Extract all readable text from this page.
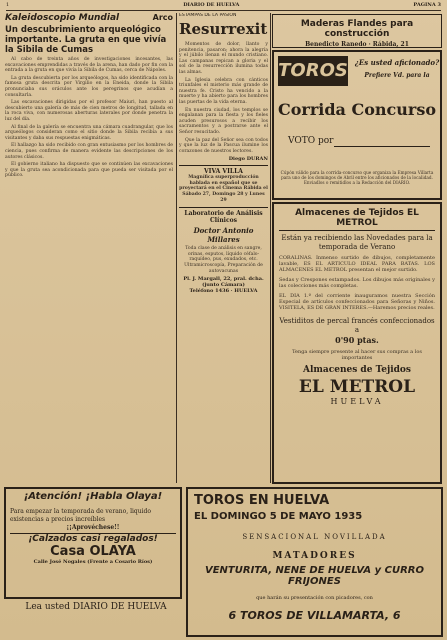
1	DIARIO DE HUELVA	PAGINA 3
Kaleidoscopio Mundial	Arco
Un descubrimiento arqueológico importante. La gruta en que vivía la Sibila de Cumas

Al cabo de treinta años de investigaciones incesantes, las excavaciones emprendidas a través de la arena, han dado por fin con la entrada a la gruta en que vivía la Sibila de Cumas, cerca de Nápoles.

La gruta descubierta por los arqueólogos, ha sido identificada con la famosa gruta descrita por Virgilio en la Eneida, donde la Sibila pronunciaba sus oráculos ante los peregrinos que acudían a consultarla.

Las excavaciones dirigidas por el profesor Maiuri, han puesto al descubierto una galería de más de cien metros de longitud, tallada en la roca viva, con numerosas aberturas laterales por donde penetra la luz del día.

Al final de la galería se encuentra una cámara cuadrangular, que los arqueólogos consideran como el sitio donde la Sibila recibía a sus visitantes y daba sus respuestas enigmáticas.

El hallazgo ha sido recibido con gran entusiasmo por los hombres de ciencia, pues confirma de manera evidente las descripciones de los autores clásicos.

El gobierno italiano ha dispuesto que se continúen las excavaciones y que la gruta sea acondicionada para que pueda ser visitada por el público.

ESTAMPAS DE LA PASION
Resurrexit

Momentos de dolor, llanto y penitencia, pasaron; ahora la alegría y el júbilo llenan el mundo cristiano. Las campanas repican a gloria y el sol de la resurrección ilumina todas las almas.

La Iglesia celebra con cánticos triunfales el misterio más grande de nuestra fe. Cristo ha vencido a la muerte y ha abierto para los hombres las puertas de la vida eterna.

En nuestra ciudad, los templos se engalanan para la fiesta y los fieles acuden presurosos a recibir los sacramentos y a postrarse ante el Señor resucitado.

Que la paz del Señor sea con todos y que la luz de la Pascua ilumine los corazones de nuestros lectores.

Diego DURAN
VIVA VILLA
Magnífica superproducción hablada en español que se proyectará en el Cinema Rábida el Sábado 27, Domingo 28 y Lunes 29
Laboratorio de Análisis Clínicos
Doctor Antonio Millares
Toda clase de análisis en sangre, orinas, esputos, líquido céfalo-raquídeo, pus, exudados, etc. Ultramicroscopía, Preparación de autovacunas
Pl. J. Margall, 22, pral. dcha. (junto Cámara)
Teléfono 1436 · HUELVA
Maderas Flandes para construcción
Benedicto Ranedo · Rábida, 21
TOROS ¿Es usted aficionado?
Prefiere Vd. para la
Corrida Concurso
VOTO por
Cúpón válido para la corrida-concurso que organiza la Empresa Villarta para uno de los domingos de Abril entre los aficionados de la localidad. Enviadlos o remitidlos a la Redacción del DIARIO.
Almacenes de Tejidos EL METROL
Están ya recibiendo las Novedades para la temporada de Verano
CORALINAS. Inmenso surtido de dibujos, completamente lavable, ES EL ARTICULO IDEAL PARA BATAS. LOS ALMACENES EL METROL presentan el mejor surtido.
Sedas y Crespones estampados. Los dibujos más originales y las colecciones más completas.
EL DIA 1.º del corriente inauguramos nuestra Sección Especial de artículos confeccionados para Señoras y Niños. VISITELA, ES DE GRAN INTERES.—Haremos precios reales.
Vestiditos de percal francés confeccionados a
0'90 ptas.
Tenga siempre presente al hacer sus compras a los importantes
Almacenes de Tejidos
EL METROL
HUELVA
¡Atención! ¡Habla Olaya!
Para empezar la temporada de verano, liquido existencias a precios increíbles
¡¡Aprovéchese!!
¡Calzados casi regalados!
Casa OLAYA
Calle José Nogales (Frente a Cosario Ríos)
Lea usted DIARIO DE HUELVA
TOROS EN HUELVA
EL DOMINGO 5 DE MAYO 1935
SENSACIONAL NOVILLADA
MATADORES
VENTURITA, NENE DE HUELVA y CURRO FRIJONES
que harán su presentación con picadores, con
6 TOROS DE VILLAMARTA, 6
